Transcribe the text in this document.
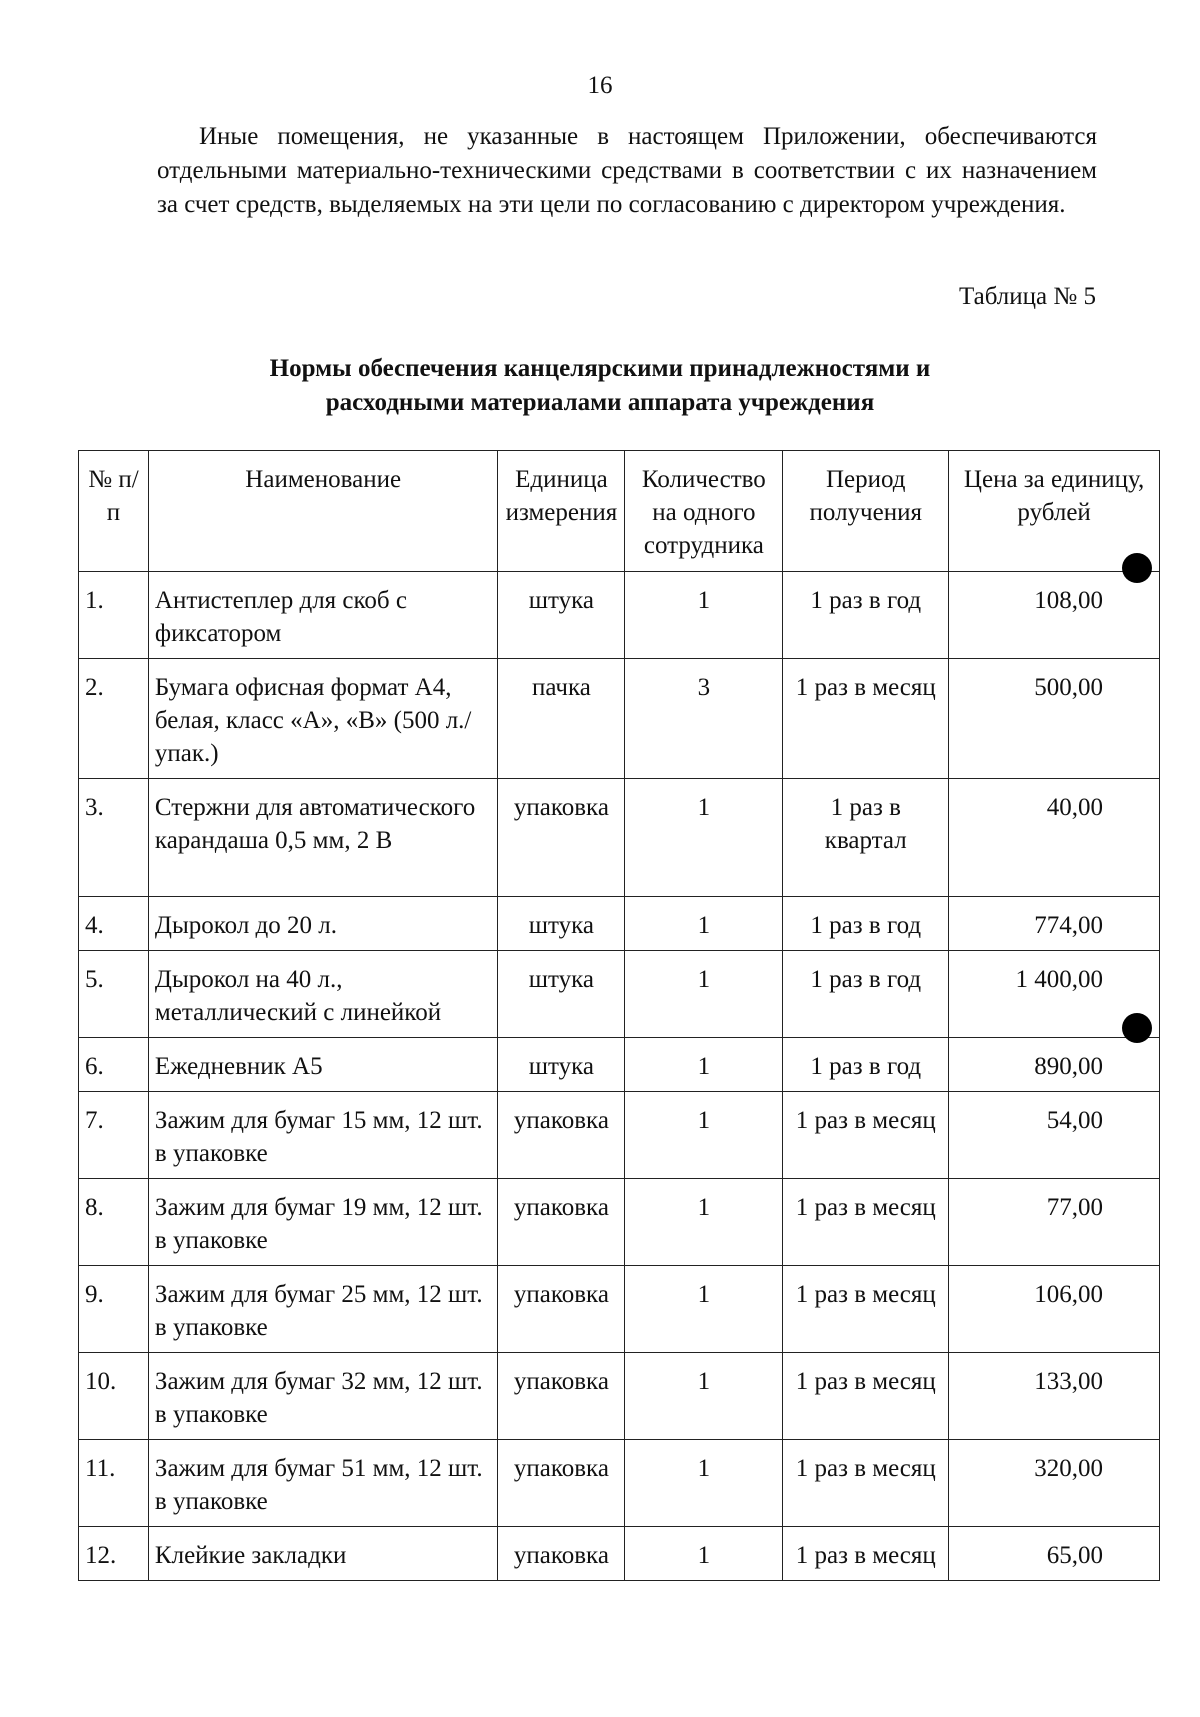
16

Иные помещения, не указанные в настоящем Приложении, обеспечиваются отдельными материально-техническими средствами в соответствии с их назначением за счет средств, выделяемых на эти цели по согласованию с директором учреждения.

Таблица № 5

Нормы обеспечения канцелярскими принадлежностями и
расходными материалами аппарата учреждения
№ п/п	Наименование	Единица измерения	Количество на одного сотрудника	Период получения	Цена за единицу, рублей
1.	Антистеплер для скоб с фиксатором	штука	1	1 раз в год	108,00
2.	Бумага офисная формат А4, белая, класс «А», «В» (500 л./упак.)	пачка	3	1 раз в месяц	500,00
3.	Стержни для автоматического карандаша 0,5 мм, 2 В	упаковка	1	1 раз в квартал	40,00
4.	Дырокол до 20 л.	штука	1	1 раз в год	774,00
5.	Дырокол на 40 л., металлический с линейкой	штука	1	1 раз в год	1 400,00
6.	Ежедневник А5	штука	1	1 раз в год	890,00
7.	Зажим для бумаг 15 мм, 12 шт. в упаковке	упаковка	1	1 раз в месяц	54,00
8.	Зажим для бумаг 19 мм, 12 шт. в упаковке	упаковка	1	1 раз в месяц	77,00
9.	Зажим для бумаг 25 мм, 12 шт. в упаковке	упаковка	1	1 раз в месяц	106,00
10.	Зажим для бумаг 32 мм, 12 шт. в упаковке	упаковка	1	1 раз в месяц	133,00
11.	Зажим для бумаг 51 мм, 12 шт. в упаковке	упаковка	1	1 раз в месяц	320,00
12.	Клейкие закладки	упаковка	1	1 раз в месяц	65,00
